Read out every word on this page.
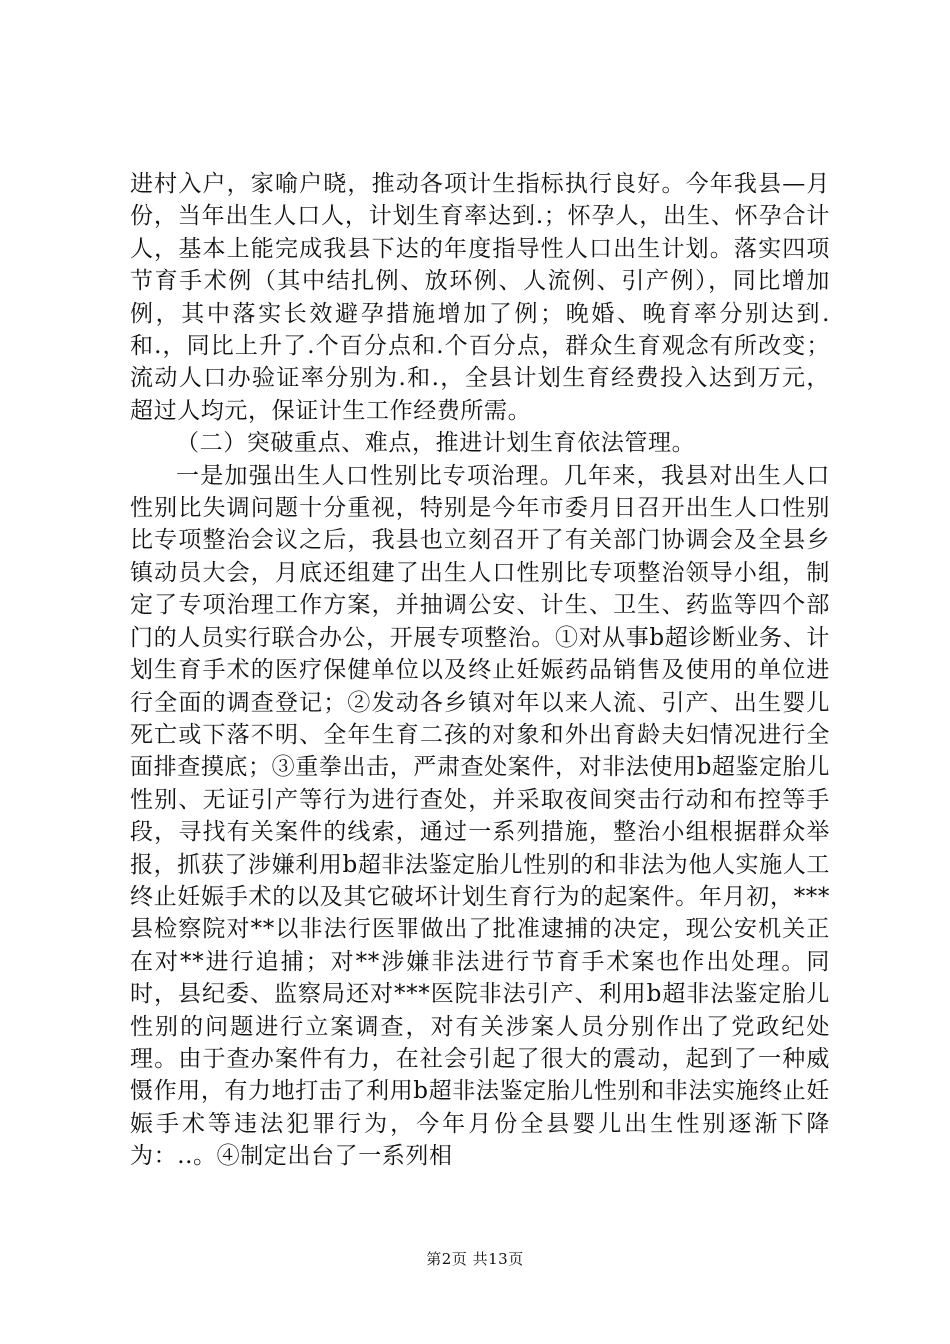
进村入户，家喻户晓，推动各项计生指标执行良好。今年我县—月份，当年出生人口人，计划生育率达到.；怀孕人，出生、怀孕合计人，基本上能完成我县下达的年度指导性人口出生计划。落实四项节育手术例（其中结扎例、放环例、人流例、引产例），同比增加例，其中落实长效避孕措施增加了例；晚婚、晚育率分别达到.和.，同比上升了.个百分点和.个百分点，群众生育观念有所改变；流动人口办验证率分别为.和.，全县计划生育经费投入达到万元，超过人均元，保证计生工作经费所需。

（二）突破重点、难点，推进计划生育依法管理。

一是加强出生人口性别比专项治理。几年来，我县对出生人口性别比失调问题十分重视，特别是今年市委月日召开出生人口性别比专项整治会议之后，我县也立刻召开了有关部门协调会及全县乡镇动员大会，月底还组建了出生人口性别比专项整治领导小组，制定了专项治理工作方案，并抽调公安、计生、卫生、药监等四个部门的人员实行联合办公，开展专项整治。①对从事b超诊断业务、计划生育手术的医疗保健单位以及终止妊娠药品销售及使用的单位进行全面的调查登记；②发动各乡镇对年以来人流、引产、出生婴儿死亡或下落不明、全年生育二孩的对象和外出育龄夫妇情况进行全面排查摸底；③重拳出击，严肃查处案件，对非法使用b超鉴定胎儿性别、无证引产等行为进行查处，并采取夜间突击行动和布控等手段，寻找有关案件的线索，通过一系列措施，整治小组根据群众举报，抓获了涉嫌利用b超非法鉴定胎儿性别的和非法为他人实施人工终止妊娠手术的以及其它破坏计划生育行为的起案件。年月初，***县检察院对**以非法行医罪做出了批准逮捕的决定，现公安机关正在对**进行追捕；对**涉嫌非法进行节育手术案也作出处理。同时，县纪委、监察局还对***医院非法引产、利用b超非法鉴定胎儿性别的问题进行立案调查，对有关涉案人员分别作出了党政纪处理。由于查办案件有力，在社会引起了很大的震动，起到了一种威慑作用，有力地打击了利用b超非法鉴定胎儿性别和非法实施终止妊娠手术等违法犯罪行为，今年月份全县婴儿出生性别逐渐下降为：..。④制定出台了一系列相

第2页 共13页
